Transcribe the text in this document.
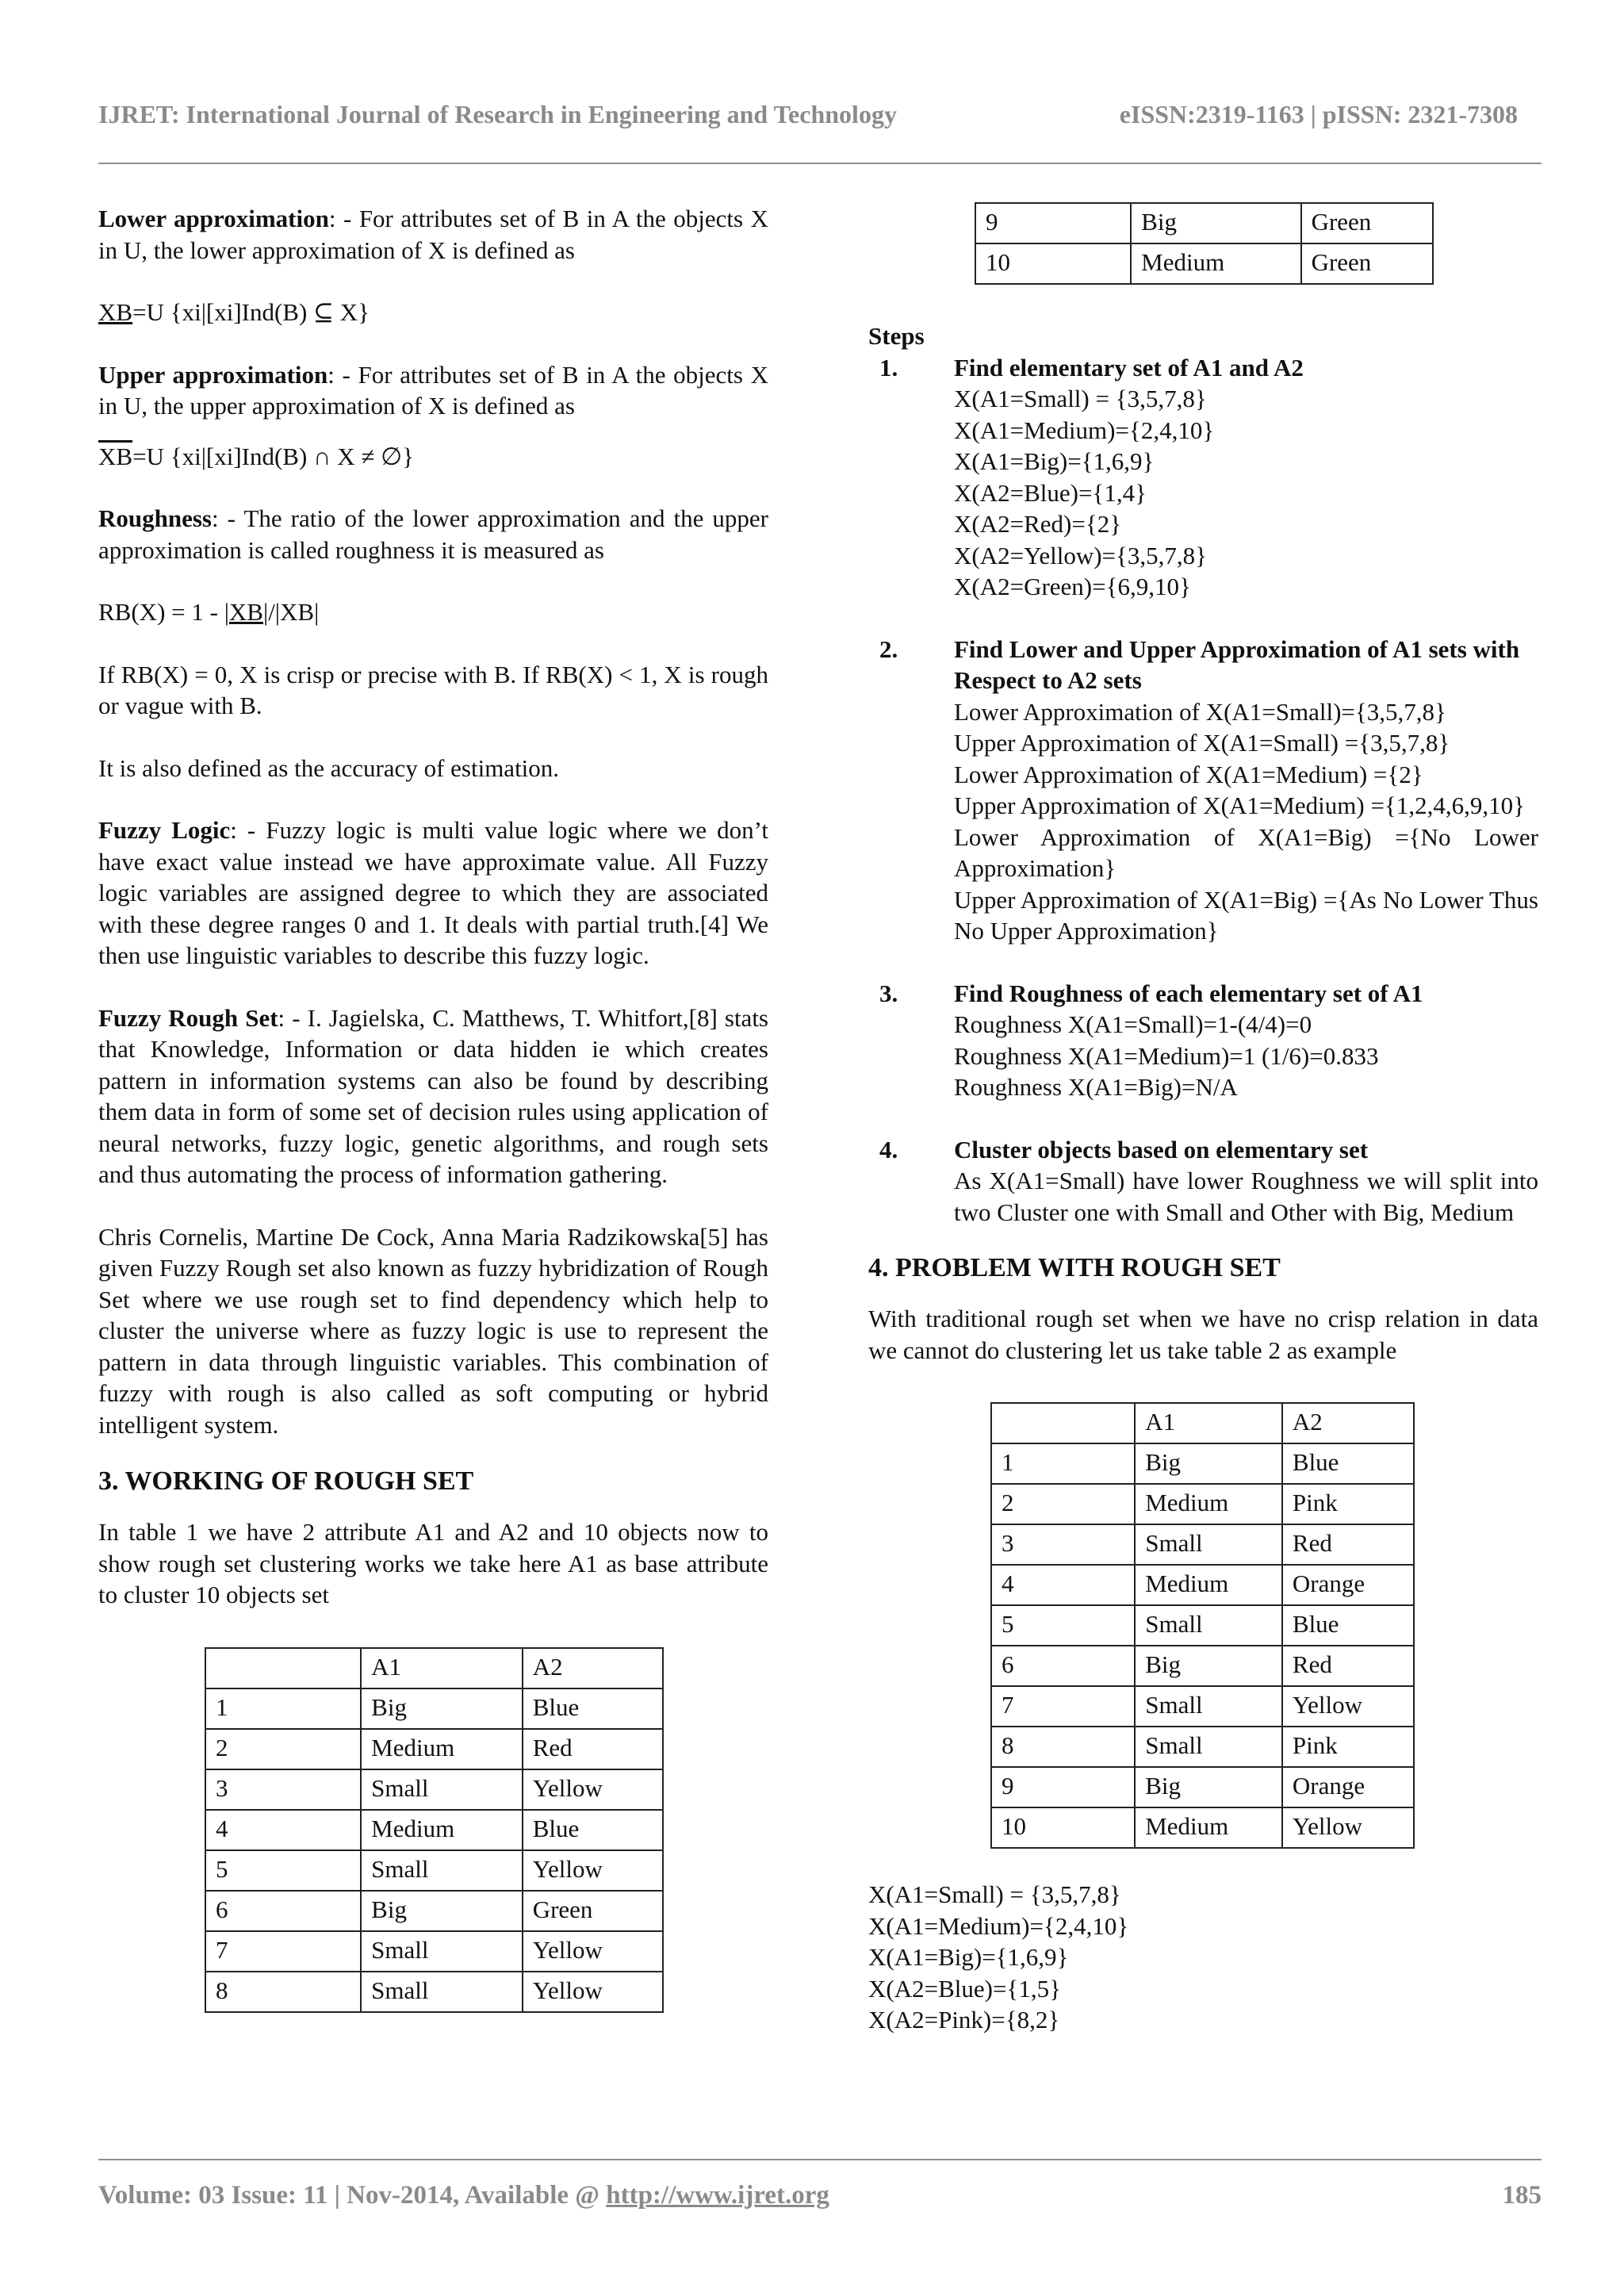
IJRET: International Journal of Research in Engineering and Technology	eISSN:2319-1163 | pISSN: 2321-7308

Lower approximation: - For attributes set of B in A the objects X in U, the lower approximation of X is defined as

XB=U {xi|[xi]Ind(B) ⊆ X}

Upper approximation: - For attributes set of B in A the objects X in U, the upper approximation of X is defined as

$\overline{XB}=U$ {xi|[xi]Ind(B) ∩ X ≠ ∅}

Roughness: - The ratio of the lower approximation and the upper approximation is called roughness it is measured as

RB(X) = 1 - |XB|/|XB|

If RB(X) = 0, X is crisp or precise with B. If RB(X) < 1, X is rough or vague with B.

It is also defined as the accuracy of estimation.

Fuzzy Logic: - Fuzzy logic is multi value logic where we don’t have exact value instead we have approximate value. All Fuzzy logic variables are assigned degree to which they are associated with these degree ranges 0 and 1. It deals with partial truth.[4] We then use linguistic variables to describe this fuzzy logic.

Fuzzy Rough Set: - I. Jagielska, C. Matthews, T. Whitfort,[8] stats that Knowledge, Information or data hidden ie which creates pattern in information systems can also be found by describing them data in form of some set of decision rules using application of neural networks, fuzzy logic, genetic algorithms, and rough sets and thus automating the process of information gathering.

Chris Cornelis, Martine De Cock, Anna Maria Radzikowska[5] has given Fuzzy Rough set also known as fuzzy hybridization of Rough Set where we use rough set to find dependency which help to cluster the universe where as fuzzy logic is use to represent the pattern in data through linguistic variables. This combination of fuzzy with rough is also called as soft computing or hybrid intelligent system.

3. WORKING OF ROUGH SET

In table 1 we have 2 attribute A1 and A2 and 10 objects now to show rough set clustering works we take here A1 as base attribute to cluster 10 objects set

	A1	A2
1	Big	Blue
2	Medium	Red
3	Small	Yellow
4	Medium	Blue
5	Small	Yellow
6	Big	Green
7	Small	Yellow
8	Small	Yellow
9	Big	Green
10	Medium	Green
Steps
1. Find elementary set of A1 and A2
X(A1=Small) = {3,5,7,8}
X(A1=Medium)={2,4,10}
X(A1=Big)={1,6,9}
X(A2=Blue)={1,4}
X(A2=Red)={2}
X(A2=Yellow)={3,5,7,8}
X(A2=Green)={6,9,10}
2. Find Lower and Upper Approximation of A1 sets with Respect to A2 sets
Lower Approximation of X(A1=Small)={3,5,7,8}
Upper Approximation of X(A1=Small) ={3,5,7,8}
Lower Approximation of X(A1=Medium) ={2}
Upper Approximation of X(A1=Medium) ={1,2,4,6,9,10}
Lower Approximation of X(A1=Big) ={No Lower Approximation}
Upper Approximation of X(A1=Big) ={As No Lower Thus No Upper Approximation}
3. Find Roughness of each elementary set of A1
Roughness X(A1=Small)=1-(4/4)=0
Roughness X(A1=Medium)=1 (1/6)=0.833
Roughness X(A1=Big)=N/A
4. Cluster objects based on elementary set
As X(A1=Small) have lower Roughness we will split into two Cluster one with Small and Other with Big, Medium
4. PROBLEM WITH ROUGH SET

With traditional rough set when we have no crisp relation in data we cannot do clustering let us take table 2 as example

	A1	A2
1	Big	Blue
2	Medium	Pink
3	Small	Red
4	Medium	Orange
5	Small	Blue
6	Big	Red
7	Small	Yellow
8	Small	Pink
9	Big	Orange
10	Medium	Yellow
X(A1=Small) = {3,5,7,8}
X(A1=Medium)={2,4,10}
X(A1=Big)={1,6,9}
X(A2=Blue)={1,5}
X(A2=Pink)={8,2}
Volume: 03 Issue: 11 | Nov-2014, Available @ http://www.ijret.org	185
